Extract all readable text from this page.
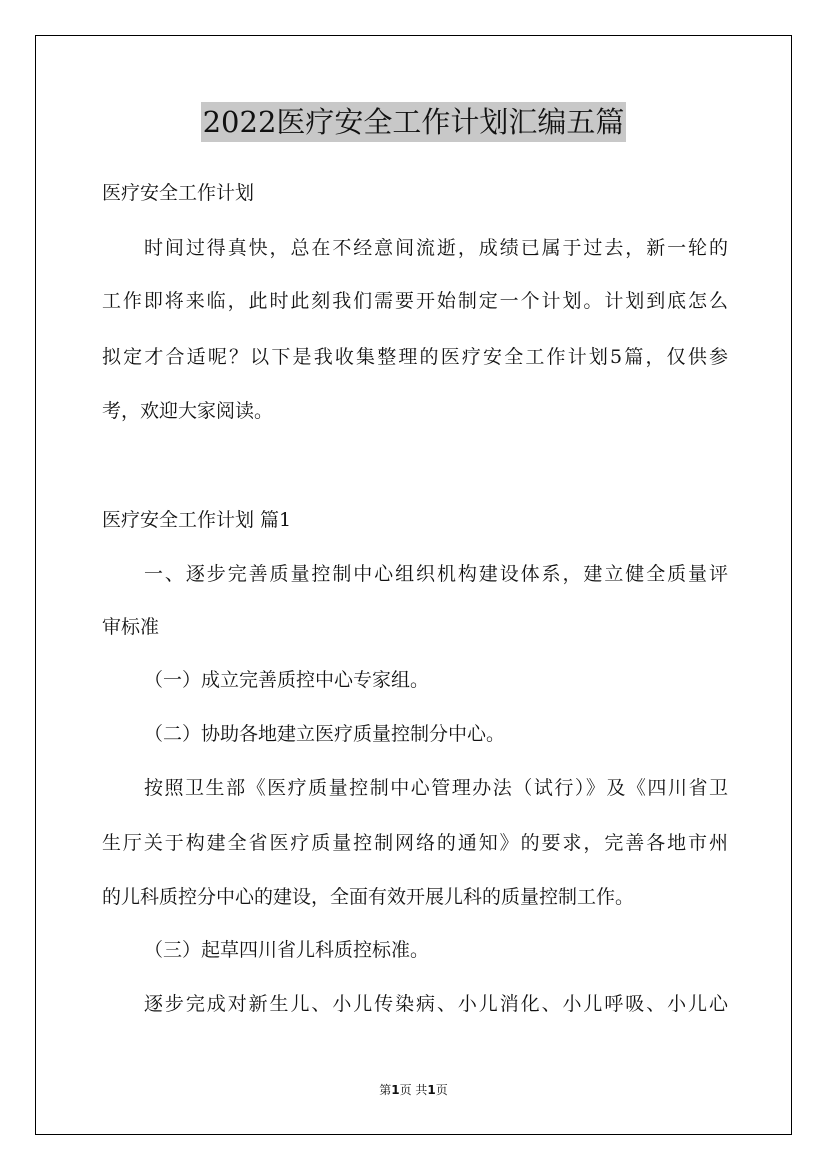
2022医疗安全工作计划汇编五篇
医疗安全工作计划
时间过得真快，总在不经意间流逝，成绩已属于过去，新一轮的
工作即将来临，此时此刻我们需要开始制定一个计划。计划到底怎么
拟定才合适呢？以下是我收集整理的医疗安全工作计划5篇，仅供参
考，欢迎大家阅读。
医疗安全工作计划 篇1
一、逐步完善质量控制中心组织机构建设体系，建立健全质量评
审标准
（一）成立完善质控中心专家组。
（二）协助各地建立医疗质量控制分中心。
按照卫生部《医疗质量控制中心管理办法（试行）》及《四川省卫
生厅关于构建全省医疗质量控制网络的通知》的要求，完善各地市州
的儿科质控分中心的建设，全面有效开展儿科的质量控制工作。
（三）起草四川省儿科质控标准。
逐步完成对新生儿、小儿传染病、小儿消化、小儿呼吸、小儿心
第1页 共1页
